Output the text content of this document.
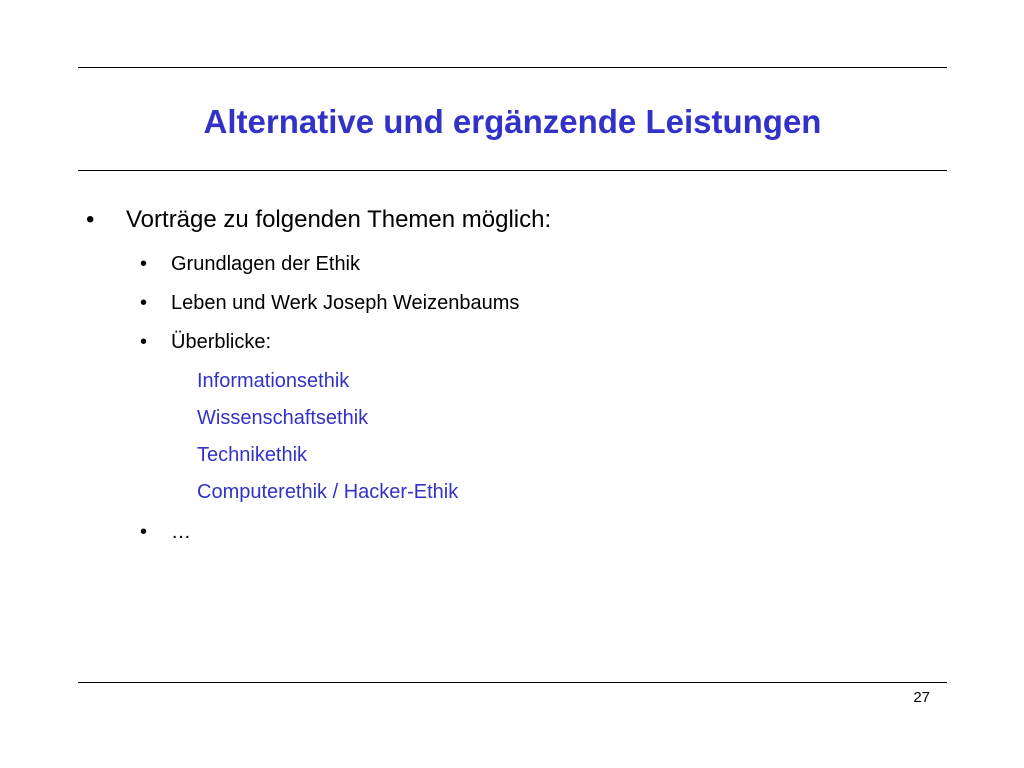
Alternative und ergänzende Leistungen
• Vorträge zu folgenden Themen möglich:
• Grundlagen der Ethik
• Leben und Werk Joseph Weizenbaums
• Überblicke:
Informationsethik
Wissenschaftsethik
Technikethik
Computerethik / Hacker-Ethik
• …
27
